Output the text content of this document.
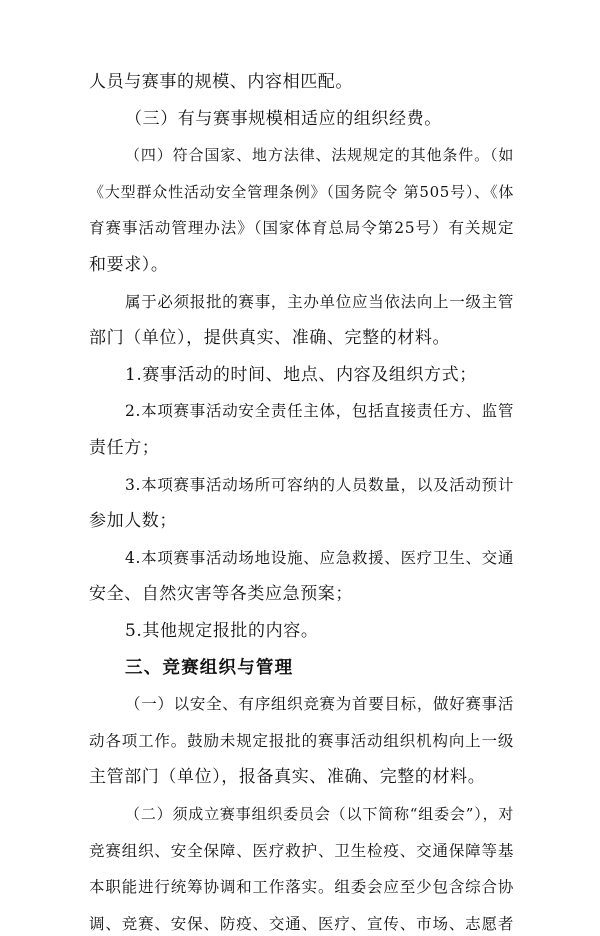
人员与赛事的规模、内容相匹配。
（三）有与赛事规模相适应的组织经费。
（四）符合国家、地方法律、法规规定的其他条件。（如
《大型群众性活动安全管理条例》（国务院令 第505号）、《体
育赛事活动管理办法》（国家体育总局令第25号）有关规定
和要求）。
属于必须报批的赛事，主办单位应当依法向上一级主管
部门（单位），提供真实、准确、完整的材料。
1.赛事活动的时间、地点、内容及组织方式；
2.本项赛事活动安全责任主体，包括直接责任方、监管
责任方；
3.本项赛事活动场所可容纳的人员数量，以及活动预计
参加人数；
4.本项赛事活动场地设施、应急救援、医疗卫生、交通
安全、自然灾害等各类应急预案；
5.其他规定报批的内容。
三、竞赛组织与管理
（一）以安全、有序组织竞赛为首要目标，做好赛事活
动各项工作。鼓励未规定报批的赛事活动组织机构向上一级
主管部门（单位），报备真实、准确、完整的材料。
（二）须成立赛事组织委员会（以下简称“组委会”），对
竞赛组织、安全保障、医疗救护、卫生检疫、交通保障等基
本职能进行统筹协调和工作落实。组委会应至少包含综合协
调、竞赛、安保、防疫、交通、医疗、宣传、市场、志愿者
